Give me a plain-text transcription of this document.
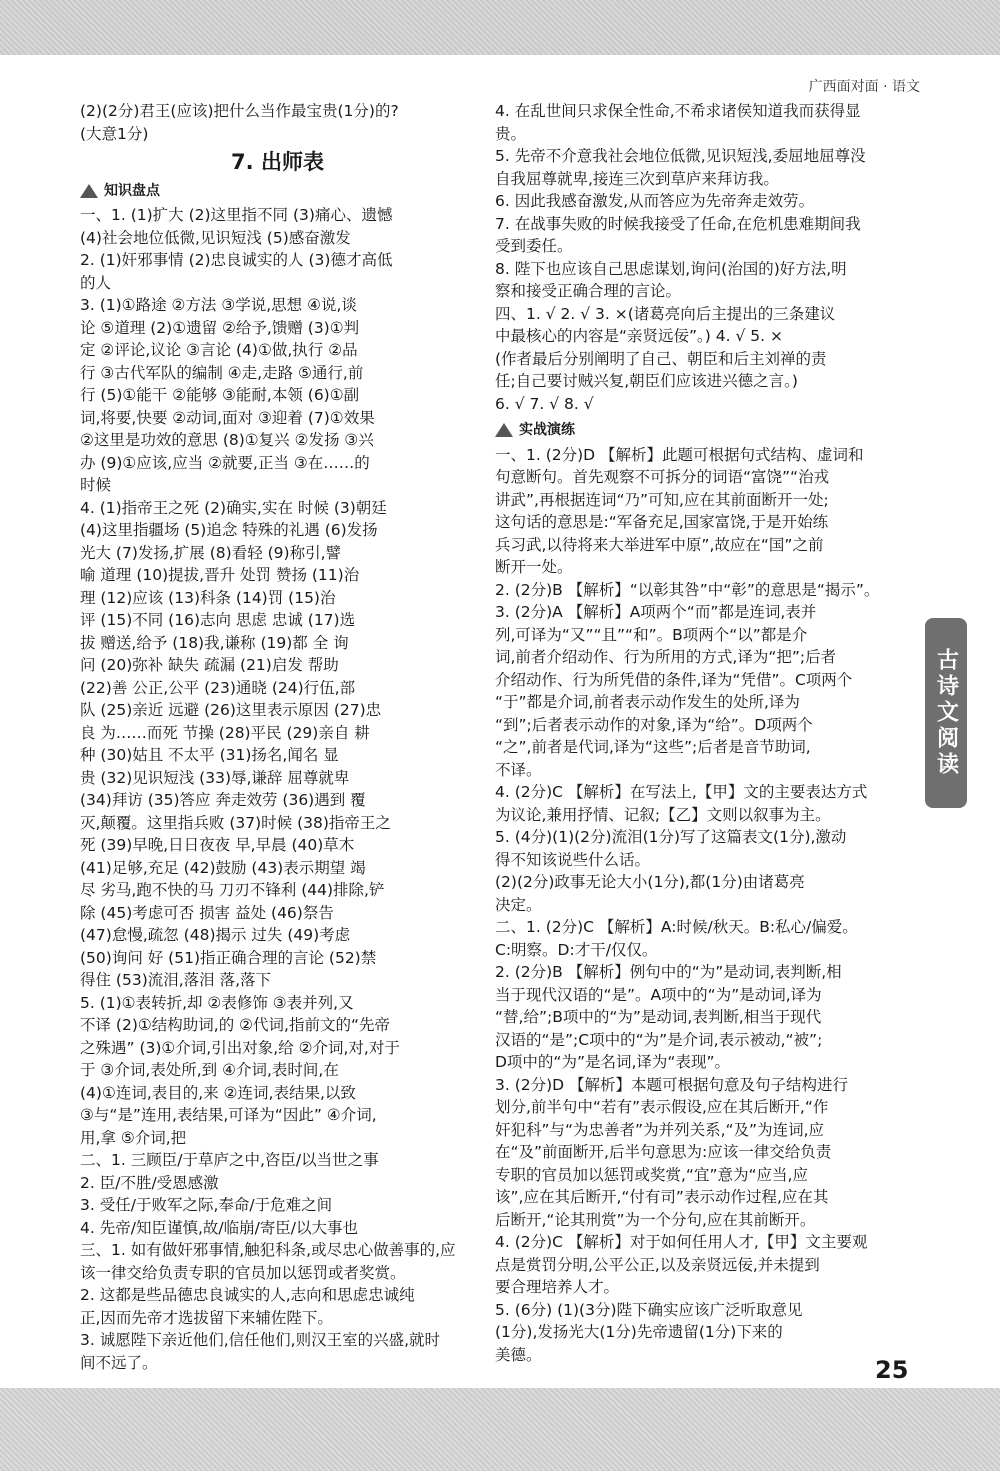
广西面对面 · 语文
(2)(2分)君王(应该)把什么当作最宝贵(1分)的?
(大意1分)
7. 出师表
知识盘点
一、1. (1)扩大 (2)这里指不同 (3)痛心、遗憾
(4)社会地位低微,见识短浅 (5)感奋激发
2. (1)奸邪事情 (2)忠良诚实的人 (3)德才高低
的人
3. (1)①路途 ②方法 ③学说,思想 ④说,谈
论 ⑤道理 (2)①遗留 ②给予,馈赠 (3)①判
定 ②评论,议论 ③言论 (4)①做,执行 ②品
行 ③古代军队的编制 ④走,走路 ⑤通行,前
行 (5)①能干 ②能够 ③能耐,本领 (6)①副
词,将要,快要 ②动词,面对 ③迎着 (7)①效果
②这里是功效的意思 (8)①复兴 ②发扬 ③兴
办 (9)①应该,应当 ②就要,正当 ③在……的
时候
4. (1)指帝王之死 (2)确实,实在 时候 (3)朝廷
(4)这里指疆场 (5)追念 特殊的礼遇 (6)发扬
光大 (7)发扬,扩展 (8)看轻 (9)称引,譬
喻 道理 (10)提拔,晋升 处罚 赞扬 (11)治
理 (12)应该 (13)科条 (14)罚 (15)治
评 (15)不同 (16)志向 思虑 忠诚 (17)选
拔 赠送,给予 (18)我,谦称 (19)都 全 询
问 (20)弥补 缺失 疏漏 (21)启发 帮助
(22)善 公正,公平 (23)通晓 (24)行伍,部
队 (25)亲近 远避 (26)这里表示原因 (27)忠
良 为……而死 节操 (28)平民 (29)亲自 耕
种 (30)姑且 不太平 (31)扬名,闻名 显
贵 (32)见识短浅 (33)辱,谦辞 屈尊就卑
(34)拜访 (35)答应 奔走效劳 (36)遇到 覆
灭,颠覆。这里指兵败 (37)时候 (38)指帝王之
死 (39)早晚,日日夜夜 早,早晨 (40)草木
(41)足够,充足 (42)鼓励 (43)表示期望 竭
尽 劣马,跑不快的马 刀刃不锋利 (44)排除,铲
除 (45)考虑可否 损害 益处 (46)祭告
(47)怠慢,疏忽 (48)揭示 过失 (49)考虑
(50)询问 好 (51)指正确合理的言论 (52)禁
得住 (53)流泪,落泪 落,落下
5. (1)①表转折,却 ②表修饰 ③表并列,又
不译 (2)①结构助词,的 ②代词,指前文的“先帝
之殊遇” (3)①介词,引出对象,给 ②介词,对,对于
于 ③介词,表处所,到 ④介词,表时间,在
(4)①连词,表目的,来 ②连词,表结果,以致
③与“是”连用,表结果,可译为“因此” ④介词,
用,拿 ⑤介词,把
二、1. 三顾臣/于草庐之中,咨臣/以当世之事
2. 臣/不胜/受恩感激
3. 受任/于败军之际,奉命/于危难之间
4. 先帝/知臣谨慎,故/临崩/寄臣/以大事也
三、1. 如有做奸邪事情,触犯科条,或尽忠心做善事的,应
该一律交给负责专职的官员加以惩罚或者奖赏。
2. 这都是些品德忠良诚实的人,志向和思虑忠诚纯
正,因而先帝才选拔留下来辅佐陛下。
3. 诚愿陛下亲近他们,信任他们,则汉王室的兴盛,就时
间不远了。
4. 在乱世间只求保全性命,不希求诸侯知道我而获得显
贵。
5. 先帝不介意我社会地位低微,见识短浅,委屈地屈尊没
自我屈尊就卑,接连三次到草庐来拜访我。
6. 因此我感奋激发,从而答应为先帝奔走效劳。
7. 在战事失败的时候我接受了任命,在危机患难期间我
受到委任。
8. 陛下也应该自己思虑谋划,询问(治国的)好方法,明
察和接受正确合理的言论。
四、1. √ 2. √ 3. ×(诸葛亮向后主提出的三条建议
中最核心的内容是“亲贤远佞”。) 4. √ 5. ×
(作者最后分别阐明了自己、朝臣和后主刘禅的责
任;自己要讨贼兴复,朝臣们应该进兴德之言。)
6. √ 7. √ 8. √
实战演练
一、1. (2分)D 【解析】此题可根据句式结构、虚词和
句意断句。首先观察不可拆分的词语“富饶”“治戎
讲武”,再根据连词“乃”可知,应在其前面断开一处;
这句话的意思是:“军备充足,国家富饶,于是开始练
兵习武,以待将来大举进军中原”,故应在“国”之前
断开一处。
2. (2分)B 【解析】“以彰其咎”中“彰”的意思是“揭示”。
3. (2分)A 【解析】A项两个“而”都是连词,表并
列,可译为“又”“且”“和”。B项两个“以”都是介
词,前者介绍动作、行为所用的方式,译为“把”;后者
介绍动作、行为所凭借的条件,译为“凭借”。C项两个
“于”都是介词,前者表示动作发生的处所,译为
“到”;后者表示动作的对象,译为“给”。D项两个
“之”,前者是代词,译为“这些”;后者是音节助词,
不译。
4. (2分)C 【解析】在写法上,【甲】文的主要表达方式
为议论,兼用抒情、记叙;【乙】文则以叙事为主。
5. (4分)(1)(2分)流泪(1分)写了这篇表文(1分),激动
得不知该说些什么话。
(2)(2分)政事无论大小(1分),都(1分)由诸葛亮
决定。
二、1. (2分)C 【解析】A:时候/秋天。B:私心/偏爱。
C:明察。D:才干/仅仅。
2. (2分)B 【解析】例句中的“为”是动词,表判断,相
当于现代汉语的“是”。A项中的“为”是动词,译为
“替,给”;B项中的“为”是动词,表判断,相当于现代
汉语的“是”;C项中的“为”是介词,表示被动,“被”;
D项中的“为”是名词,译为“表现”。
3. (2分)D 【解析】本题可根据句意及句子结构进行
划分,前半句中“若有”表示假设,应在其后断开,“作
奸犯科”与“为忠善者”为并列关系,“及”为连词,应
在“及”前面断开,后半句意思为:应该一律交给负责
专职的官员加以惩罚或奖赏,“宜”意为“应当,应
该”,应在其后断开,“付有司”表示动作过程,应在其
后断开,“论其刑赏”为一个分句,应在其前断开。
4. (2分)C 【解析】对于如何任用人才,【甲】文主要观
点是赏罚分明,公平公正,以及亲贤远佞,并未提到
要合理培养人才。
5. (6分) (1)(3分)陛下确实应该广泛听取意见
(1分),发扬光大(1分)先帝遗留(1分)下来的
美德。
古诗文阅读
25
